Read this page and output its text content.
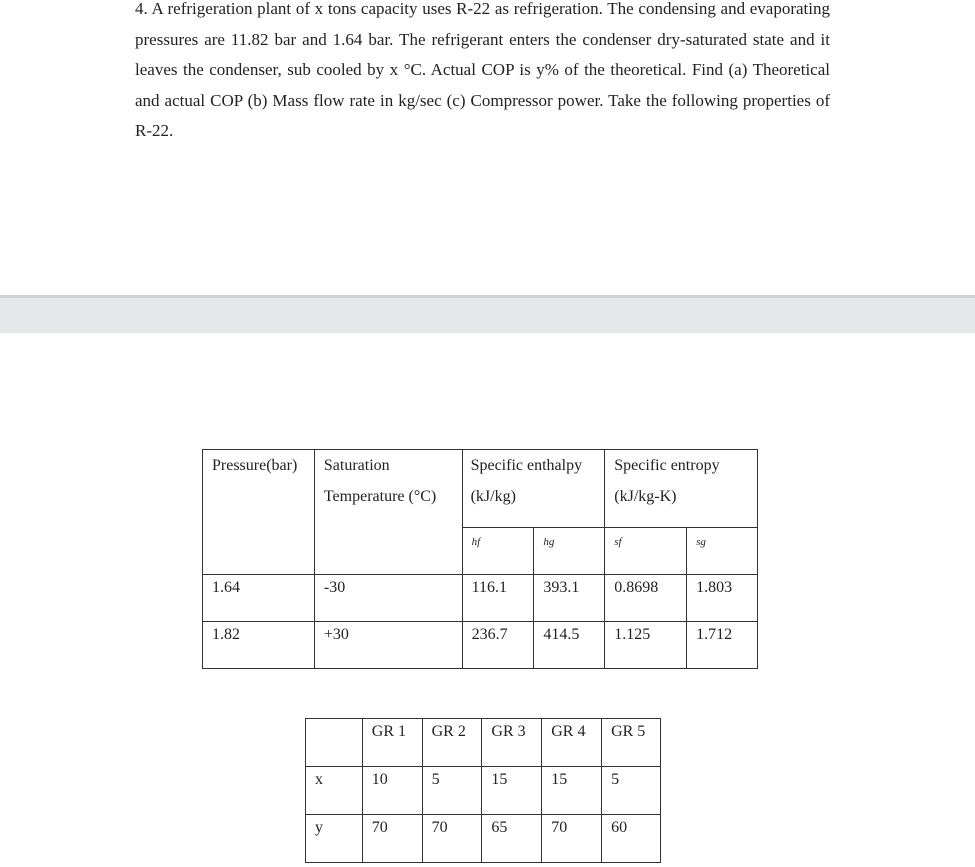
4. A refrigeration plant of x tons capacity uses R-22 as refrigeration. The condensing and evaporating pressures are 11.82 bar and 1.64 bar. The refrigerant enters the condenser dry-saturated state and it leaves the condenser, sub cooled by x °C. Actual COP is y% of the theoretical. Find (a) Theoretical and actual COP (b) Mass flow rate in kg/sec (c) Compressor power. Take the following properties of R-22.

Pressure(bar)	Saturation Temperature (°C)	Specific enthalpy (kJ/kg)		Specific entropy (kJ/kg-K)	
		hf	hg	sf	sg
1.64	-30	116.1	393.1	0.8698	1.803
1.82	+30	236.7	414.5	1.125	1.712
	GR 1	GR 2	GR 3	GR 4	GR 5
x	10	5	15	15	5
y	70	70	65	70	60
